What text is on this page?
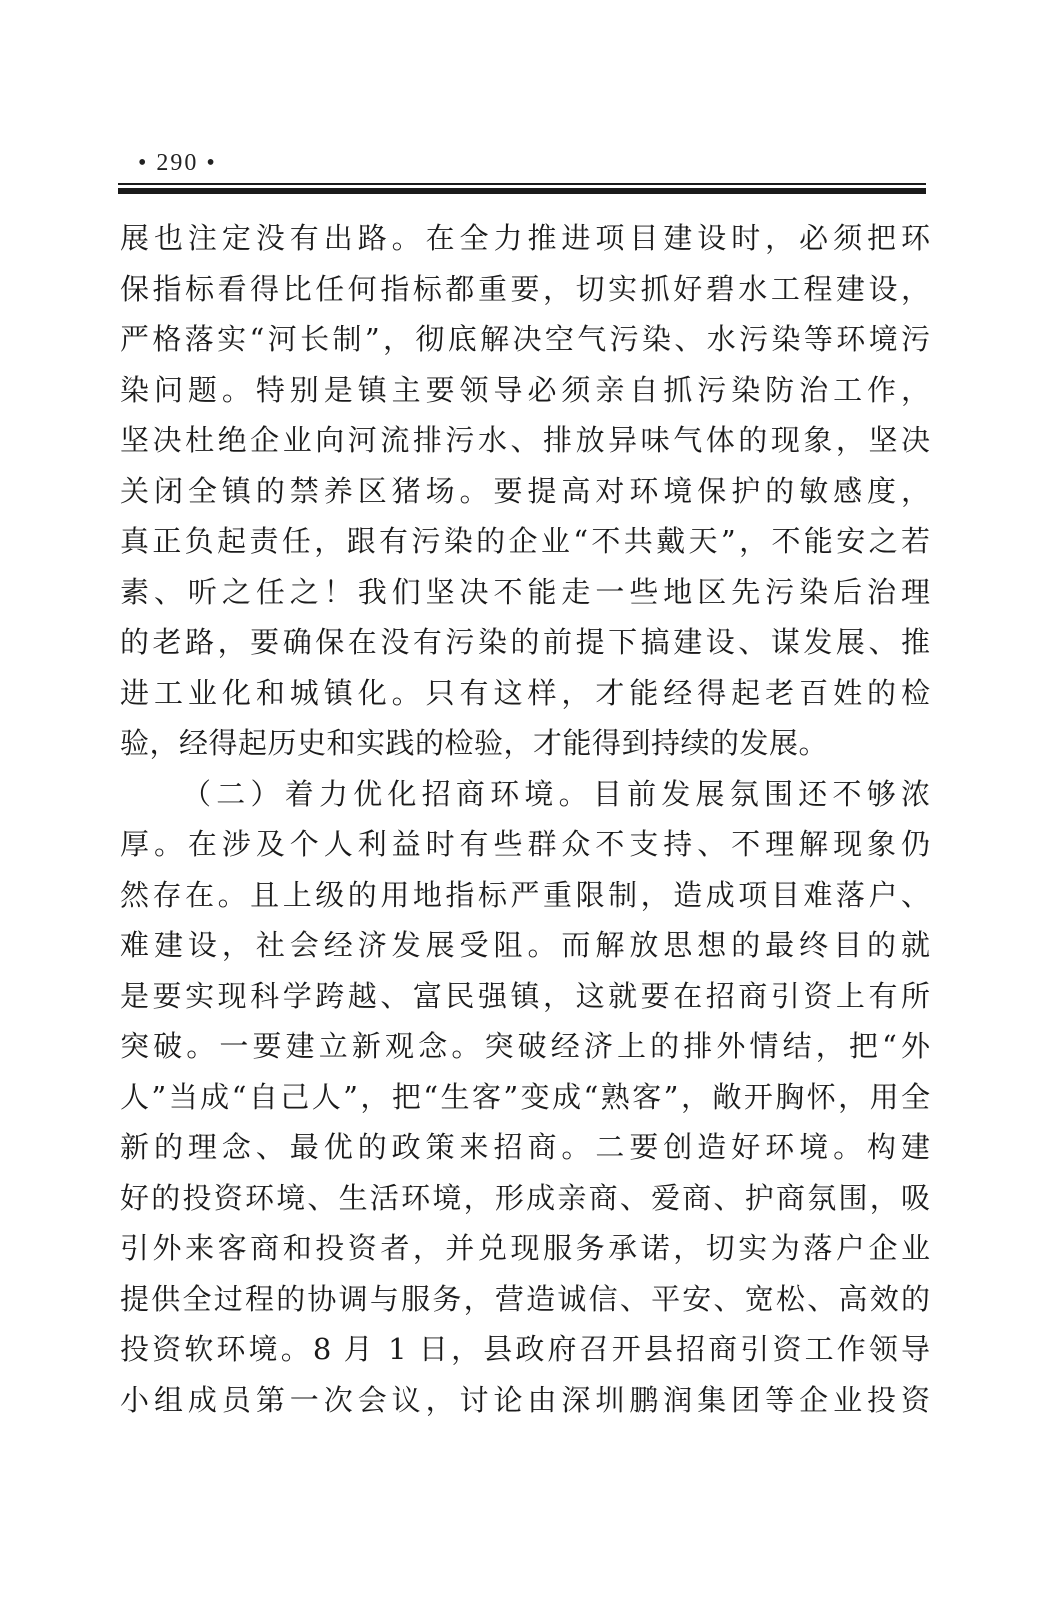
• 290 •
展也注定没有出路。在全力推进项目建设时，必须把环
保指标看得比任何指标都重要，切实抓好碧水工程建设，
严格落实“河长制”，彻底解决空气污染、水污染等环境污
染问题。特别是镇主要领导必须亲自抓污染防治工作，
坚决杜绝企业向河流排污水、排放异味气体的现象，坚决
关闭全镇的禁养区猪场。要提高对环境保护的敏感度，
真正负起责任，跟有污染的企业“不共戴天”，不能安之若
素、听之任之！我们坚决不能走一些地区先污染后治理
的老路，要确保在没有污染的前提下搞建设、谋发展、推
进工业化和城镇化。只有这样，才能经得起老百姓的检
验，经得起历史和实践的检验，才能得到持续的发展。
（二）着力优化招商环境。目前发展氛围还不够浓
厚。在涉及个人利益时有些群众不支持、不理解现象仍
然存在。且上级的用地指标严重限制，造成项目难落户、
难建设，社会经济发展受阻。而解放思想的最终目的就
是要实现科学跨越、富民强镇，这就要在招商引资上有所
突破。一要建立新观念。突破经济上的排外情结，把“外
人”当成“自己人”，把“生客”变成“熟客”，敞开胸怀，用全
新的理念、最优的政策来招商。二要创造好环境。构建
好的投资环境、生活环境，形成亲商、爱商、护商氛围，吸
引外来客商和投资者，并兑现服务承诺，切实为落户企业
提供全过程的协调与服务，营造诚信、平安、宽松、高效的
投资软环境。8 月 1 日，县政府召开县招商引资工作领导
小组成员第一次会议，讨论由深圳鹏润集团等企业投资
